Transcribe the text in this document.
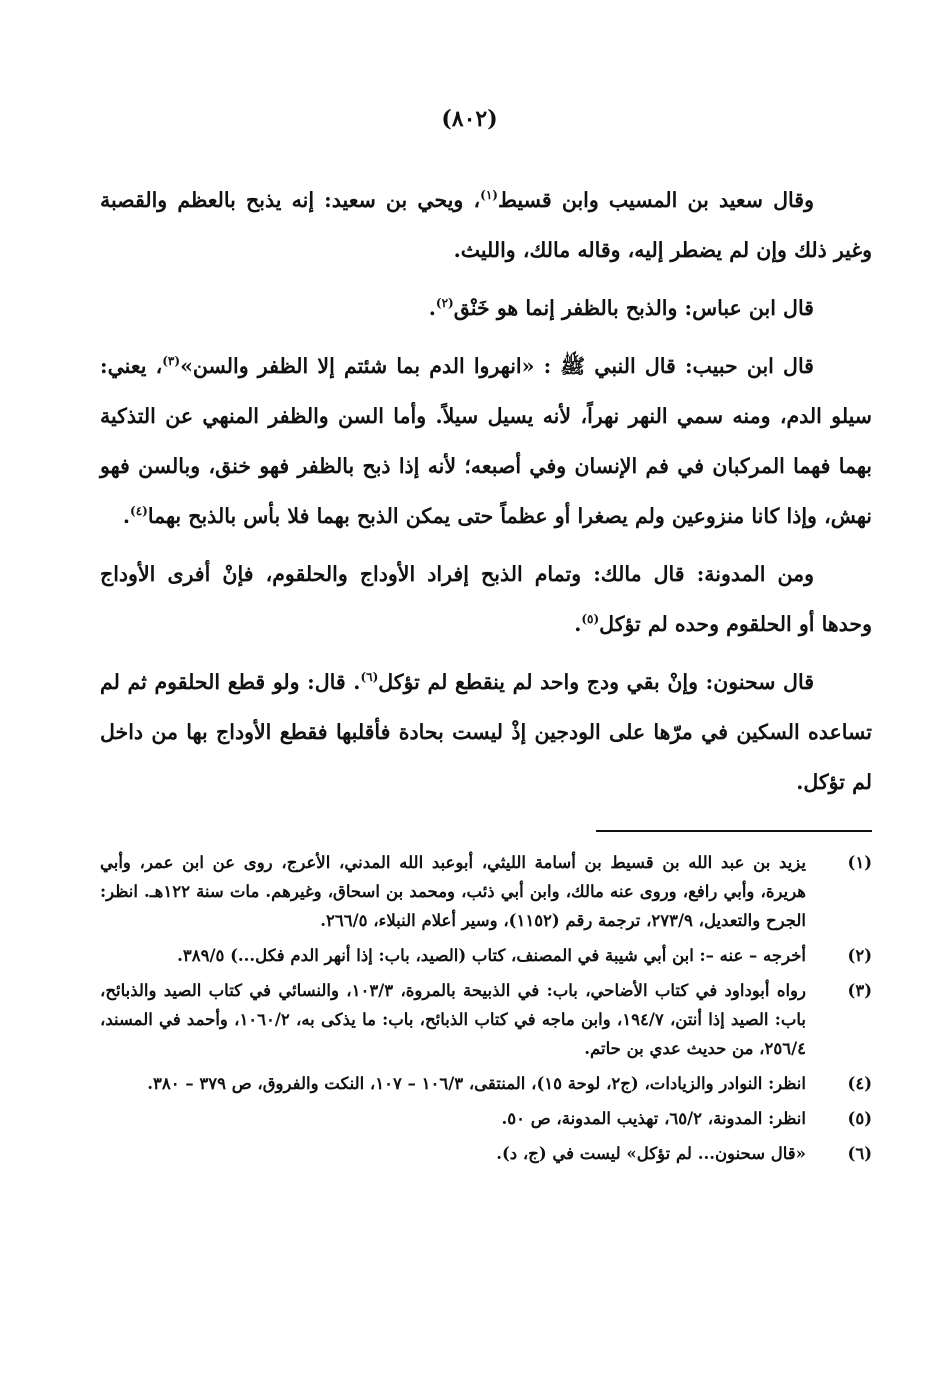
(٨٠٢)

وقال سعيد بن المسيب وابن قسيط$^{(١)}$، ويحي بن سعيد: إنه يذبح بالعظم والقصبة وغير ذلك وإن لم يضطر إليه، وقاله مالك، والليث.

قال ابن عباس: والذبح بالظفر إنما هو خَنْق$^{(٢)}$.

قال ابن حبيب: قال النبي ﷺ : «انهروا الدم بما شئتم إلا الظفر والسن»$^{(٣)}$، يعني: سيلو الدم، ومنه سمي النهر نهراً، لأنه يسيل سيلاً. وأما السن والظفر المنهي عن التذكية بهما فهما المركبان في فم الإنسان وفي أصبعه؛ لأنه إذا ذبح بالظفر فهو خنق، وبالسن فهو نهش، وإذا كانا منزوعين ولم يصغرا أو عظماً حتى يمكن الذبح بهما فلا بأس بالذبح بهما$^{(٤)}$.

ومن المدونة: قال مالك: وتمام الذبح إفراد الأوداج والحلقوم، فإنْ أفرى الأوداج وحدها أو الحلقوم وحده لم تؤكل$^{(٥)}$.

قال سحنون: وإنْ بقي ودج واحد لم ينقطع لم تؤكل$^{(٦)}$. قال: ولو قطع الحلقوم ثم لم تساعده السكين في مرّها على الودجين إذْ ليست بحادة فأقلبها فقطع الأوداج بها من داخل لم تؤكل.

(١)
يزيد بن عبد الله بن قسيط بن أسامة الليثي، أبوعبد الله المدني، الأعرج، روى عن ابن عمر، وأبي هريرة، وأبي رافع، وروى عنه مالك، وابن أبي ذئب، ومحمد بن اسحاق، وغيرهم. مات سنة ١٢٢هـ. انظر: الجرح والتعديل، ٢٧٣/٩، ترجمة رقم (١١٥٢)، وسير أعلام النبلاء، ٢٦٦/٥.
(٢)
أخرجه – عنه –: ابن أبي شيبة في المصنف، كتاب (الصيد، باب: إذا أنهر الدم فكل...) ٣٨٩/٥.
(٣)
رواه أبوداود في كتاب الأضاحي، باب: في الذبيحة بالمروة، ١٠٣/٣، والنسائي في كتاب الصيد والذبائح، باب: الصيد إذا أنتن، ١٩٤/٧، وابن ماجه في كتاب الذبائح، باب: ما يذكى به، ١٠٦٠/٢، وأحمد في المسند، ٢٥٦/٤، من حديث عدي بن حاتم.
(٤)
انظر: النوادر والزيادات، (ج٢، لوحة ١٥)، المنتقى، ١٠٦/٣ – ١٠٧، النكت والفروق، ص ٣٧٩ – ٣٨٠.
(٥)
انظر: المدونة، ٦٥/٢، تهذيب المدونة، ص ٥٠.
(٦)
«قال سحنون... لم تؤكل» ليست في (ج، د).
